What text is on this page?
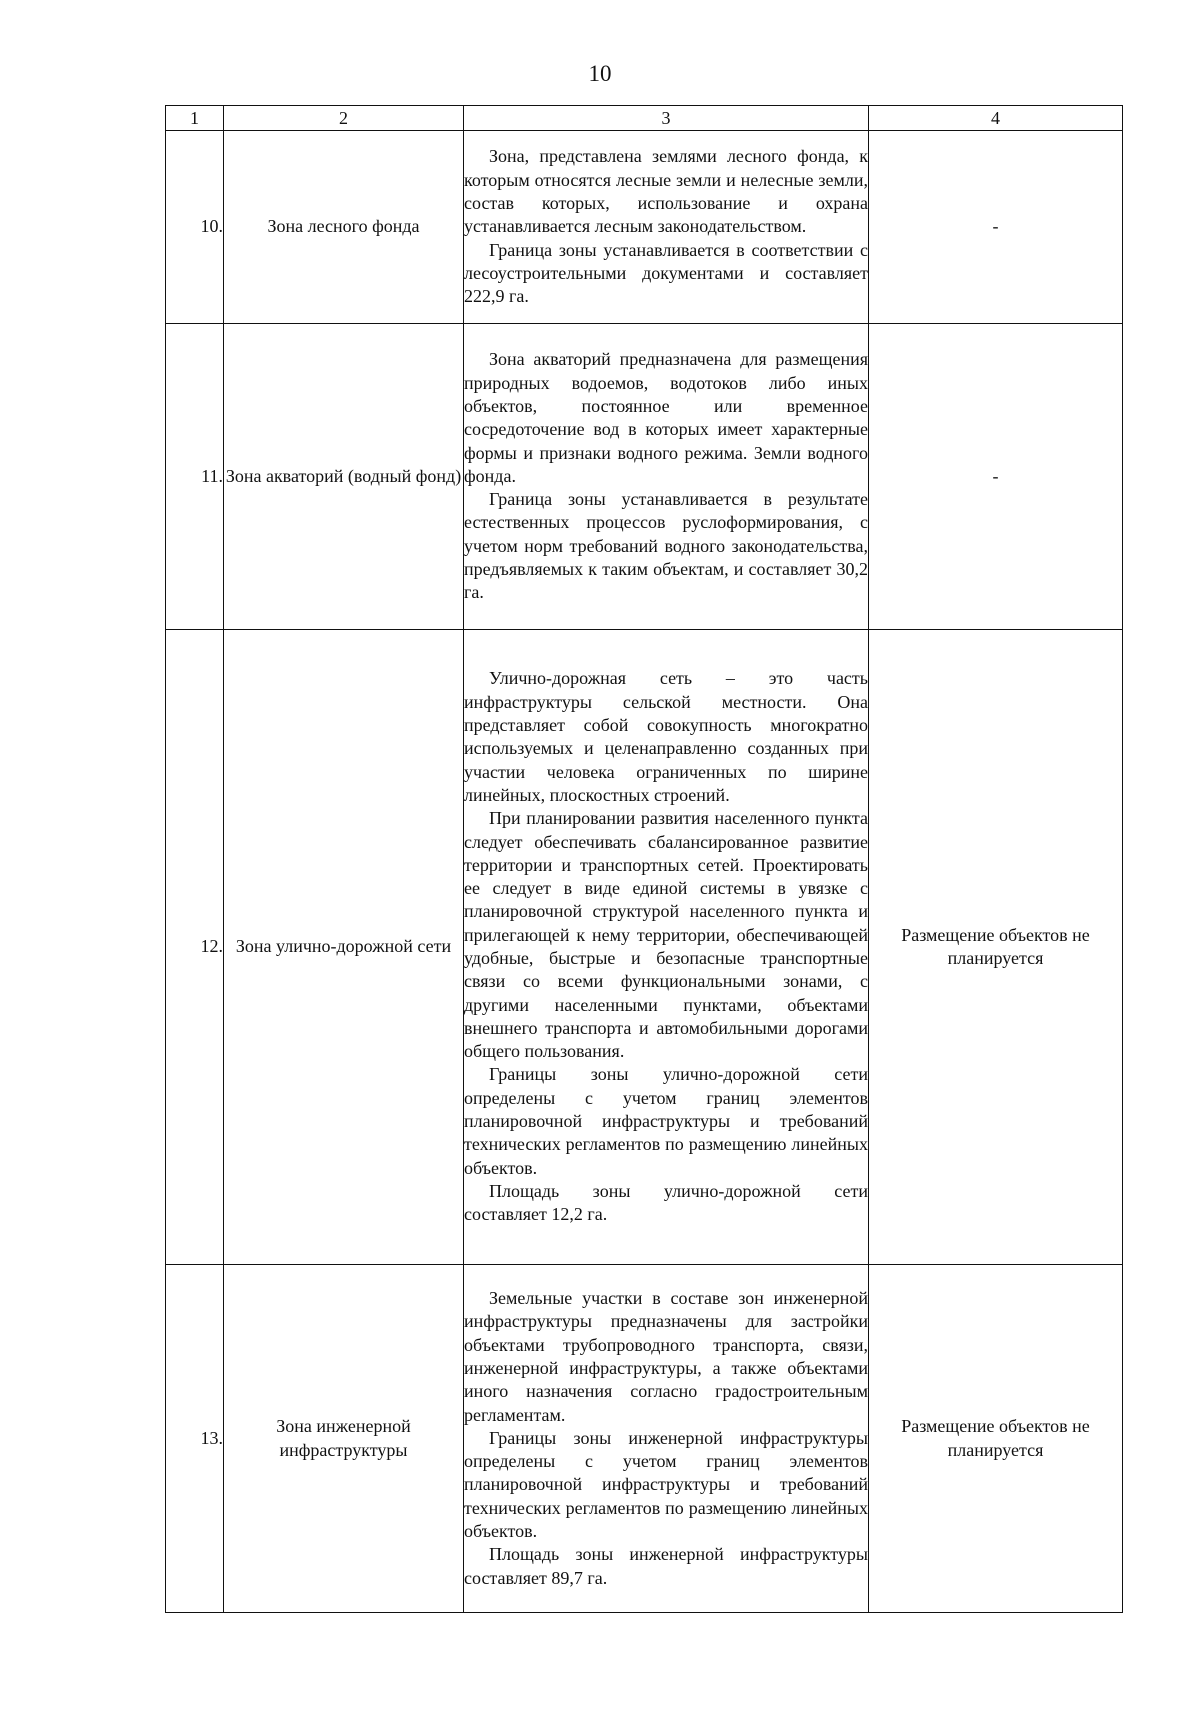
10
1	2	3	4
10.	Зона лесного фонда	Зона, представлена землями лесного фонда, к которым относятся лесные земли и нелесные земли, состав которых, использование и охрана устанавливается лесным законодательством.

Граница зоны устанавливается в соответствии с лесоустроительными документами и составляет 222,9 га.	-
11.	Зона акваторий (водный фонд)	Зона акваторий предназначена для размещения природных водоемов, водотоков либо иных объектов, постоянное или временное сосредоточение вод в которых имеет характерные формы и признаки водного режима. Земли водного фонда.

Граница зоны устанавливается в результате естественных процессов руслоформирования, с учетом норм требований водного законодательства, предъявляемых к таким объектам, и составляет 30,2 га.	-
12.	Зона улично-дорожной сети	Улично-дорожная сеть – это часть инфраструктуры сельской местности. Она представляет собой совокупность многократно используемых и целенаправленно созданных при участии человека ограниченных по ширине линейных, плоскостных строений.

При планировании развития населенного пункта следует обеспечивать сбалансированное развитие территории и транспортных сетей. Проектировать ее следует в виде единой системы в увязке с планировочной структурой населенного пункта и прилегающей к нему территории, обеспечивающей удобные, быстрые и безопасные транспортные связи со всеми функциональными зонами, с другими населенными пунктами, объектами внешнего транспорта и автомобильными дорогами общего пользования.

Границы зоны улично-дорожной сети определены с учетом границ элементов планировочной инфраструктуры и требований технических регламентов по размещению линейных объектов.

Площадь зоны улично-дорожной сети составляет 12,2 га.	Размещение объектов не планируется
13.	Зона инженерной инфраструктуры	Земельные участки в составе зон инженерной инфраструктуры предназначены для застройки объектами трубопроводного транспорта, связи, инженерной инфраструктуры, а также объектами иного назначения согласно градостроительным регламентам.

Границы зоны инженерной инфраструктуры определены с учетом границ элементов планировочной инфраструктуры и требований технических регламентов по размещению линейных объектов.

Площадь зоны инженерной инфраструктуры составляет 89,7 га.	Размещение объектов не планируется
